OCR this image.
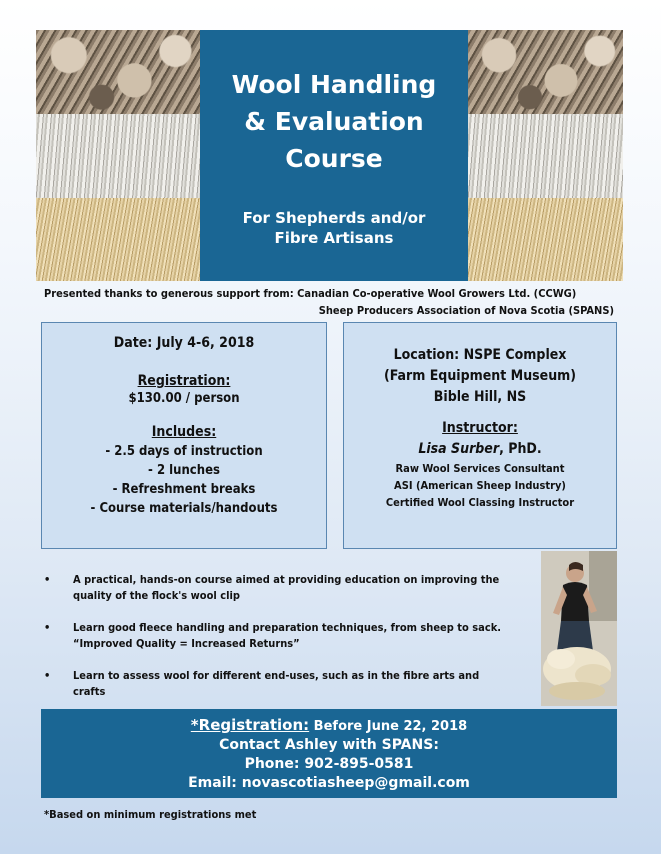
Wool Handling
& Evaluation
Course
For Shepherds and/or
Fibre Artisans
Presented thanks to generous support from: Canadian Co-operative Wool Growers Ltd. (CCWG)
Sheep Producers Association of Nova Scotia (SPANS)
Date: July 4-6, 2018
Registration:
$130.00 / person
Includes:
- 2.5 days of instruction
- 2 lunches
- Refreshment breaks
- Course materials/handouts
Location: NSPE Complex
(Farm Equipment Museum)
Bible Hill, NS
Instructor:
Lisa Surber, PhD.
Raw Wool Services Consultant
ASI (American Sheep Industry)
Certified Wool Classing Instructor
• A practical, hands-on course aimed at providing education on improving the
quality of the flock's wool clip
• Learn good fleece handling and preparation techniques, from sheep to sack.
“Improved Quality = Increased Returns”
• Learn to assess wool for different end-uses, such as in the fibre arts and crafts
*Registration: Before June 22, 2018
Contact Ashley with SPANS:
Phone: 902-895-0581
Email: novascotiasheep@gmail.com
*Based on minimum registrations met
